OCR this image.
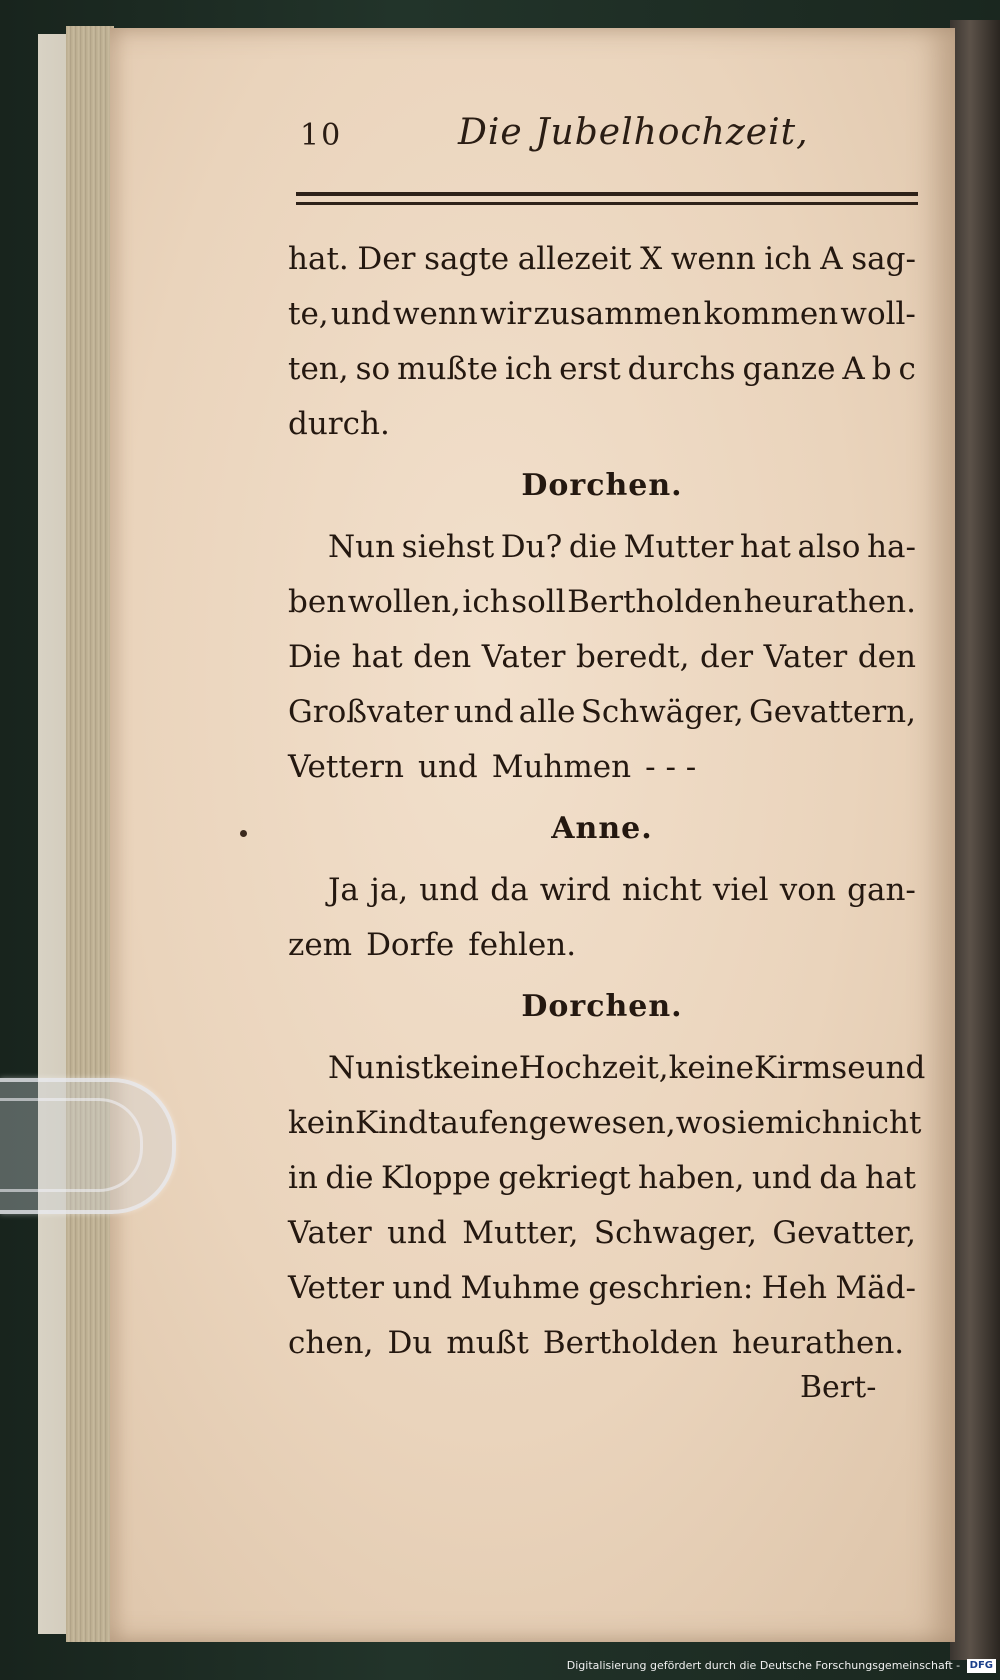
10	Die Jubelhochzeit,
hat. Der sagte allezeit X wenn ich A sag-
te, und wenn wir zusammen kommen woll-
ten, so mußte ich erst durchs ganze A b c
durch.
Dorchen.
Nun siehst Du? die Mutter hat also ha-
ben wollen, ich soll Bertholden heurathen.
Die hat den Vater beredt, der Vater den
Großvater und alle Schwäger, Gevattern,
Vettern und Muhmen - - -
Anne.
Ja ja, und da wird nicht viel von gan-
zem Dorfe fehlen.
Dorchen.
Nun ist keine Hochzeit, keine Kirmse und
kein Kindtaufen gewesen, wo sie mich nicht
in die Kloppe gekriegt haben, und da hat
Vater und Mutter, Schwager, Gevatter,
Vetter und Muhme geschrien: Heh Mäd-
chen, Du mußt Bertholden heurathen.
Bert-
Digitalisierung gefördert durch die Deutsche Forschungsgemeinschaft - DFG
